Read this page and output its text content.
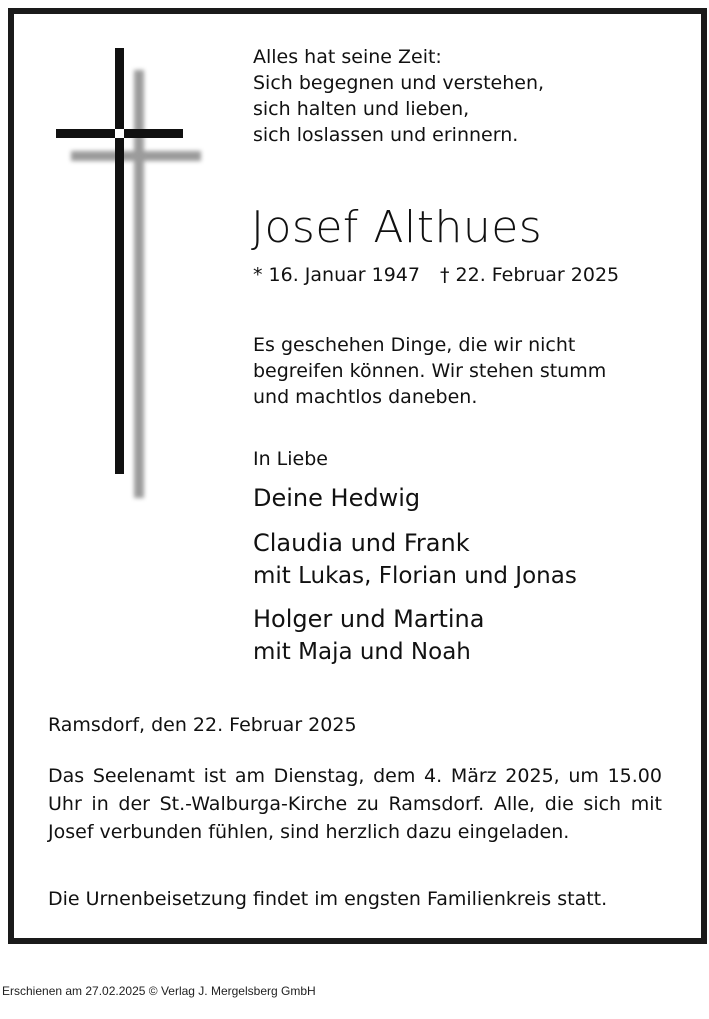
Alles hat seine Zeit:
Sich begegnen und verstehen,
sich halten und lieben,
sich loslassen und erinnern.
Josef Althues
* 16. Januar 1947 † 22. Februar 2025
Es geschehen Dinge, die wir nicht
begreifen können. Wir stehen stumm
und machtlos daneben.
In Liebe
Deine Hedwig
Claudia und Frank
mit Lukas, Florian und Jonas
Holger und Martina
mit Maja und Noah
Ramsdorf, den 22. Februar 2025
Das Seelenamt ist am Dienstag, dem 4. März 2025, um 15.00 Uhr in der St.-Walburga-Kirche zu Ramsdorf. Alle, die sich mit Josef verbunden fühlen, sind herzlich dazu eingeladen.
Die Urnenbeisetzung findet im engsten Familienkreis statt.
Erschienen am 27.02.2025 © Verlag J. Mergelsberg GmbH
